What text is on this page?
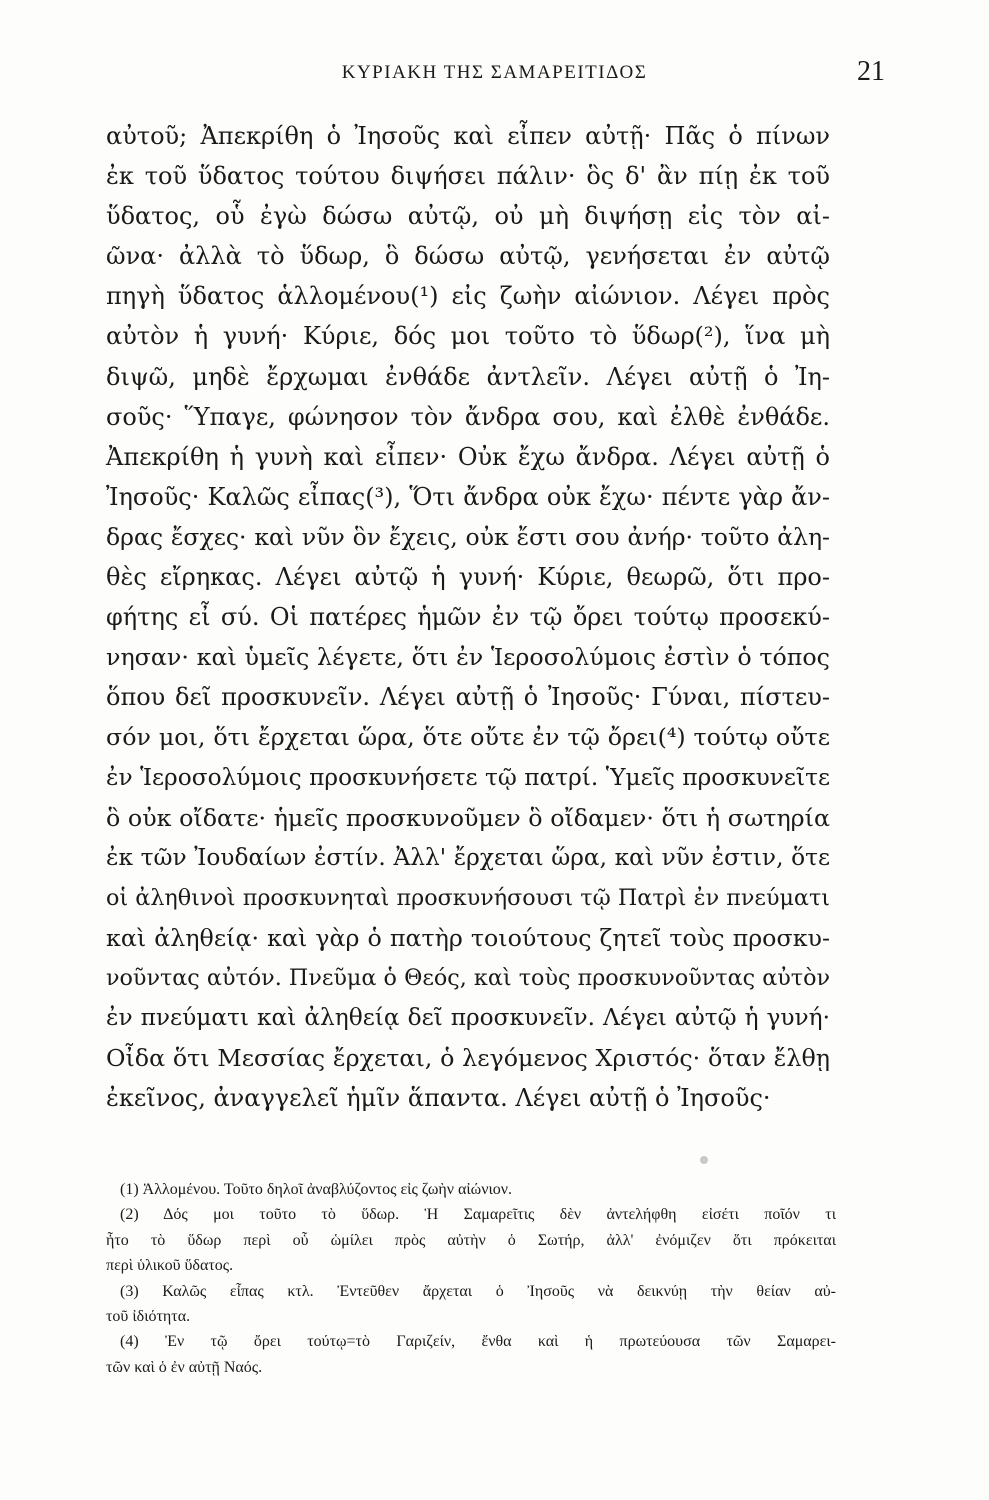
ΚΥΡΙΑΚΗ ΤΗΣ ΣΑΜΑΡΕΙΤΙΔΟΣ	21
αὐτοῦ; Ἀπεκρίθη ὁ Ἰησοῦς καὶ εἶπεν αὐτῇ· Πᾶς ὁ πίνων
ἐκ τοῦ ὕδατος τούτου διψήσει πάλιν· ὃς δ' ἂν πίῃ ἐκ τοῦ
ὕδατος, οὗ ἐγὼ δώσω αὐτῷ, οὐ μὴ διψήσῃ εἰς τὸν αἰ-
ῶνα· ἀλλὰ τὸ ὕδωρ, ὃ δώσω αὐτῷ, γενήσεται ἐν αὐτῷ
πηγὴ ὕδατος ἁλλομένου(¹) εἰς ζωὴν αἰώνιον. Λέγει πρὸς
αὐτὸν ἡ γυνή· Κύριε, δός μοι τοῦτο τὸ ὕδωρ(²), ἵνα μὴ
διψῶ, μηδὲ ἔρχωμαι ἐνθάδε ἀντλεῖν. Λέγει αὐτῇ ὁ Ἰη-
σοῦς· Ὕπαγε, φώνησον τὸν ἄνδρα σου, καὶ ἐλθὲ ἐνθάδε.
Ἀπεκρίθη ἡ γυνὴ καὶ εἶπεν· Οὐκ ἔχω ἄνδρα. Λέγει αὐτῇ ὁ
Ἰησοῦς· Καλῶς εἶπας(³), Ὅτι ἄνδρα οὐκ ἔχω· πέντε γὰρ ἄν-
δρας ἔσχες· καὶ νῦν ὃν ἔχεις, οὐκ ἔστι σου ἀνήρ· τοῦτο ἀλη-
θὲς εἴρηκας. Λέγει αὐτῷ ἡ γυνή· Κύριε, θεωρῶ, ὅτι προ-
φήτης εἶ σύ. Οἱ πατέρες ἡμῶν ἐν τῷ ὄρει τούτῳ προσεκύ-
νησαν· καὶ ὑμεῖς λέγετε, ὅτι ἐν Ἱεροσολύμοις ἐστὶν ὁ τόπος
ὅπου δεῖ προσκυνεῖν. Λέγει αὐτῇ ὁ Ἰησοῦς· Γύναι, πίστευ-
σόν μοι, ὅτι ἔρχεται ὥρα, ὅτε οὔτε ἐν τῷ ὄρει(⁴) τούτῳ οὔτε
ἐν Ἱεροσολύμοις προσκυνήσετε τῷ πατρί. Ὑμεῖς προσκυνεῖτε
ὃ οὐκ οἴδατε· ἡμεῖς προσκυνοῦμεν ὃ οἴδαμεν· ὅτι ἡ σωτηρία
ἐκ τῶν Ἰουδαίων ἐστίν. Ἀλλ' ἔρχεται ὥρα, καὶ νῦν ἐστιν, ὅτε
οἱ ἀληθινοὶ προσκυνηταὶ προσκυνήσουσι τῷ Πατρὶ ἐν πνεύματι
καὶ ἀληθείᾳ· καὶ γὰρ ὁ πατὴρ τοιούτους ζητεῖ τοὺς προσκυ-
νοῦντας αὐτόν. Πνεῦμα ὁ Θεός, καὶ τοὺς προσκυνοῦντας αὐτὸν
ἐν πνεύματι καὶ ἀληθείᾳ δεῖ προσκυνεῖν. Λέγει αὐτῷ ἡ γυνή·
Οἶδα ὅτι Μεσσίας ἔρχεται, ὁ λεγόμενος Χριστός· ὅταν ἔλθῃ
ἐκεῖνος, ἀναγγελεῖ ἡμῖν ἅπαντα. Λέγει αὐτῇ ὁ Ἰησοῦς·
(1) Ἁλλομένου. Τοῦτο δηλοῖ ἀναβλύζοντος εἰς ζωὴν αἰώνιον.
(2) Δός μοι τοῦτο τὸ ὕδωρ. Ἡ Σαμαρεῖτις δὲν ἀντελήφθη εἰσέτι ποῖόν τι
ἦτο τὸ ὕδωρ περὶ οὗ ὡμίλει πρὸς αὐτὴν ὁ Σωτήρ, ἀλλ' ἐνόμιζεν ὅτι πρόκειται
περὶ ὑλικοῦ ὕδατος.
(3) Καλῶς εἶπας κτλ. Ἐντεῦθεν ἄρχεται ὁ Ἰησοῦς νὰ δεικνύῃ τὴν θείαν αὐ-
τοῦ ἰδιότητα.
(4) Ἐν τῷ ὄρει τούτῳ=τὸ Γαριζείν, ἔνθα καὶ ἡ πρωτεύουσα τῶν Σαμαρει-
τῶν καὶ ὁ ἐν αὐτῇ Ναός.
